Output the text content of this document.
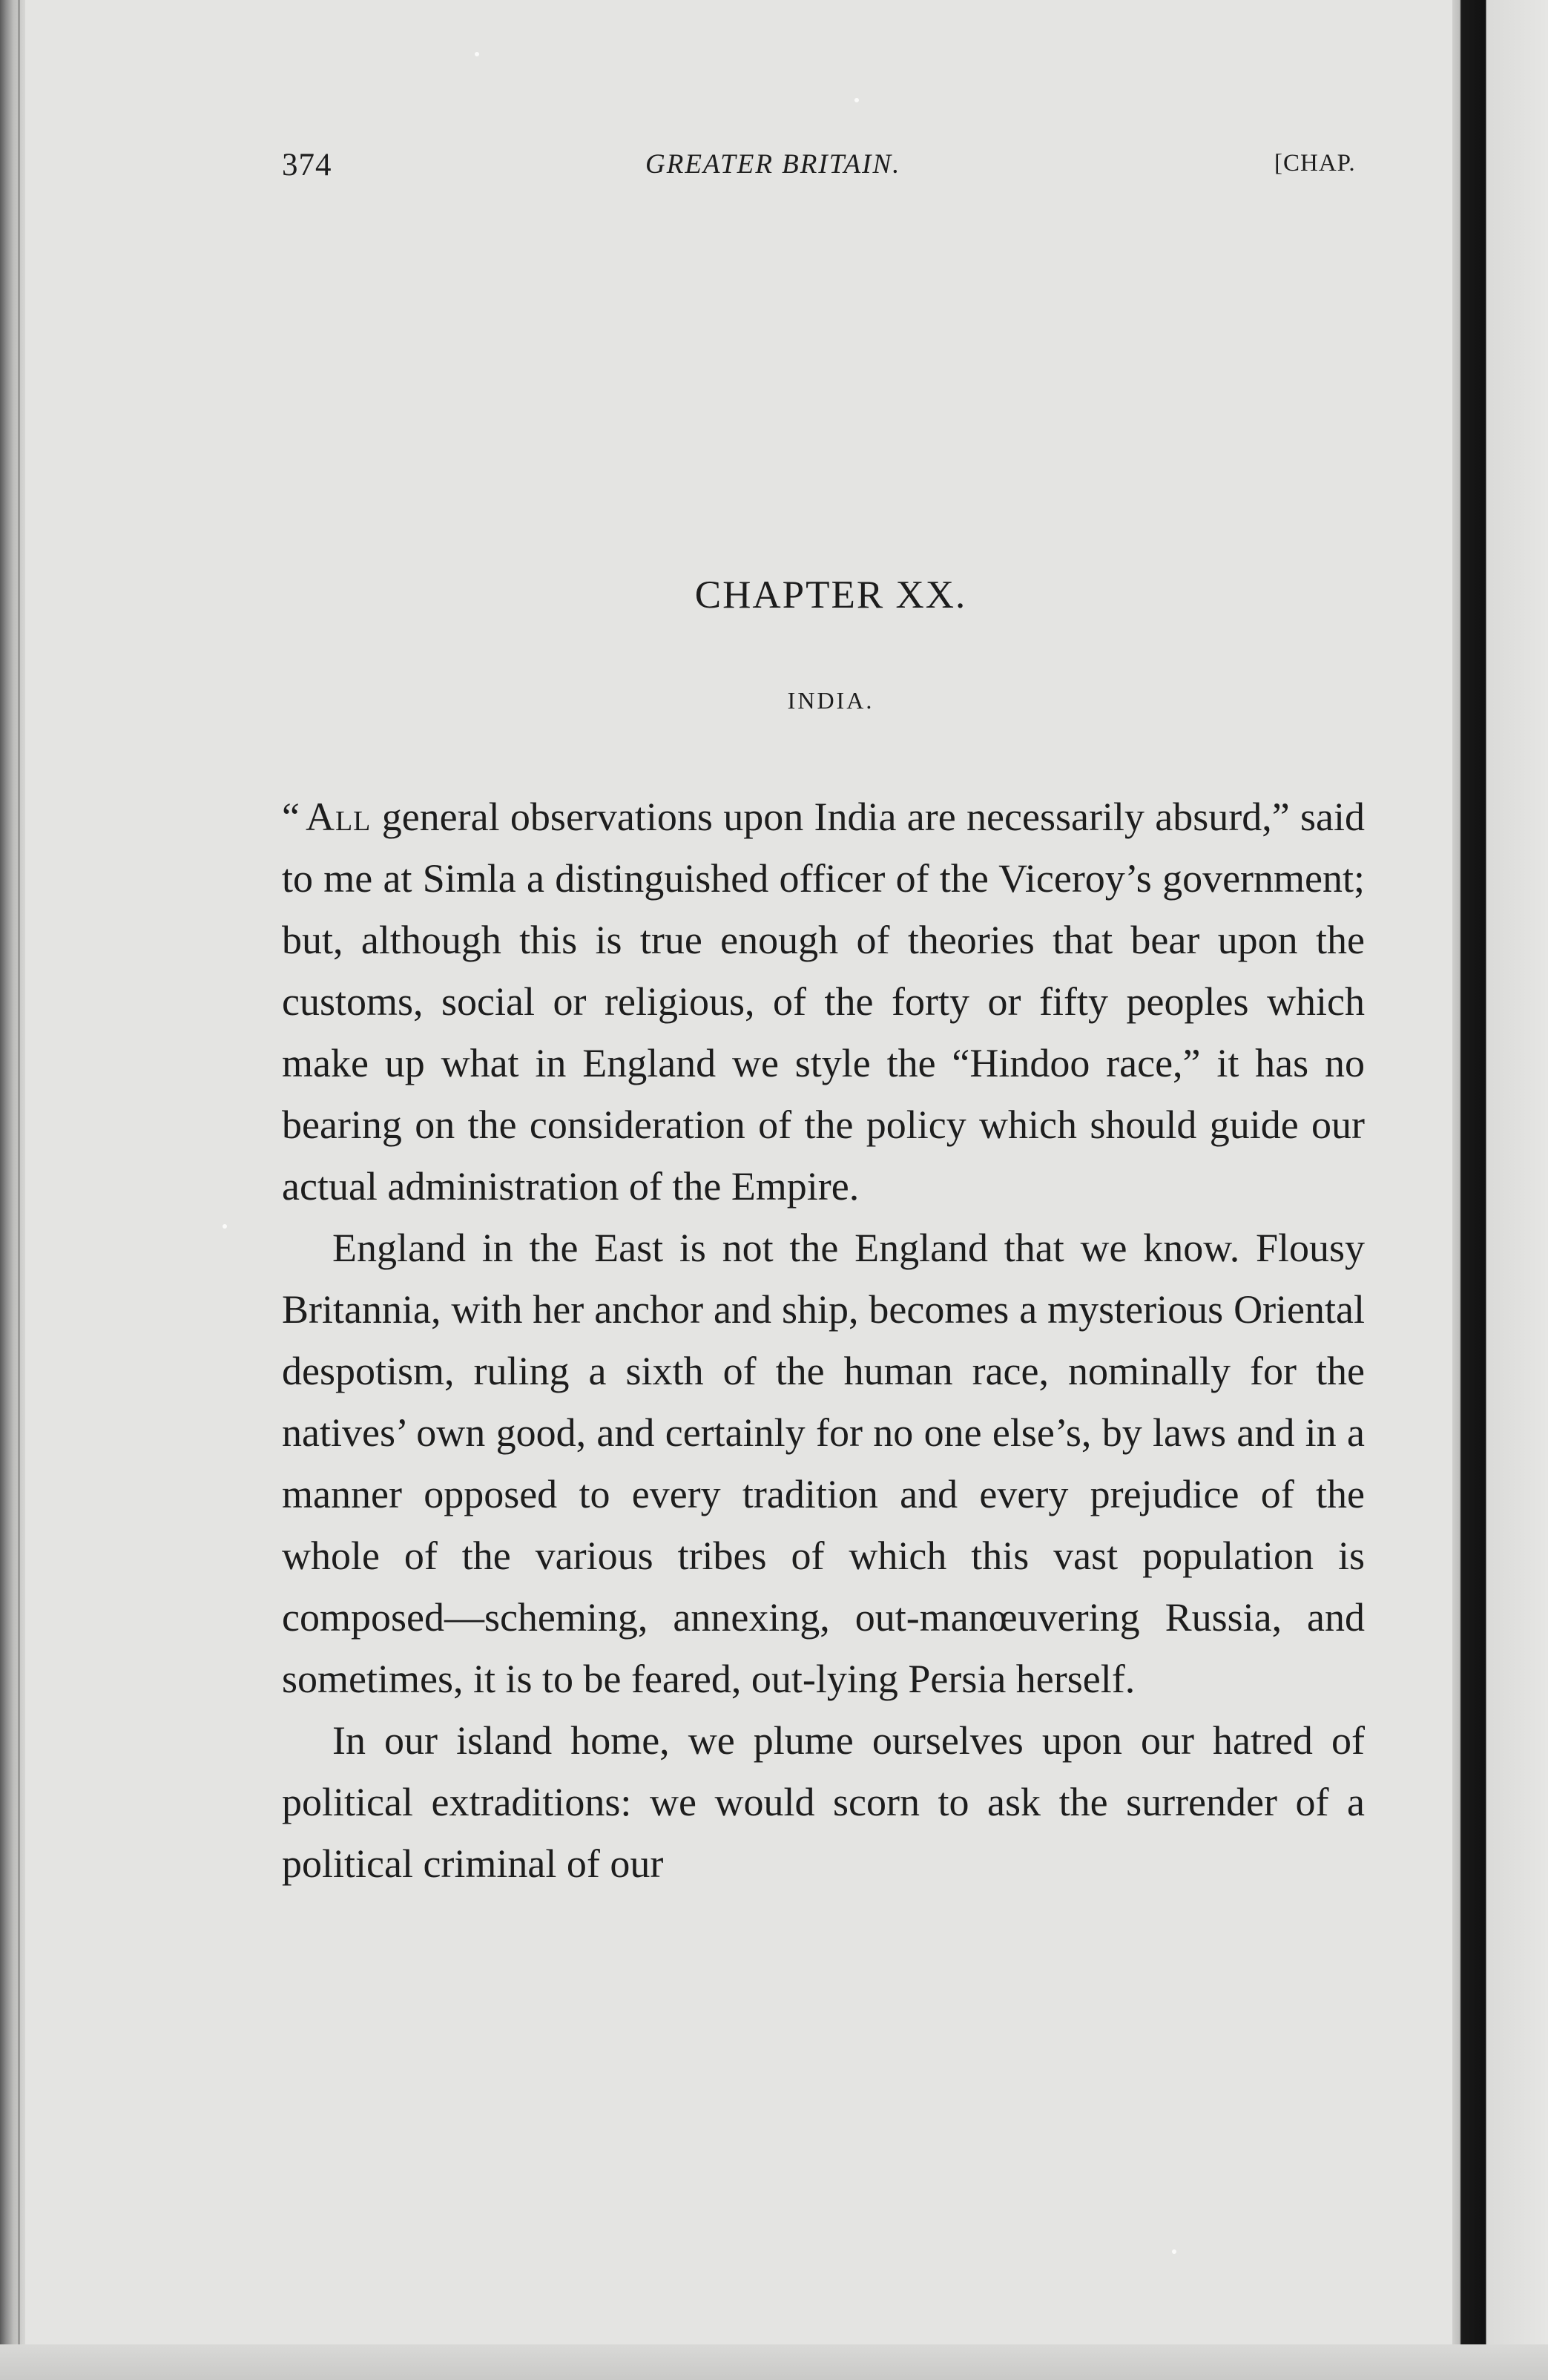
374	GREATER BRITAIN.	[CHAP.
CHAPTER XX.
INDIA.

“ All general observations upon India are necessarily absurd,” said to me at Simla a distinguished officer of the Viceroy’s government; but, although this is true enough of theories that bear upon the customs, social or religious, of the forty or fifty peoples which make up what in England we style the “Hindoo race,” it has no bearing on the consideration of the policy which should guide our actual administration of the Empire.

England in the East is not the England that we know. Flousy Britannia, with her anchor and ship, becomes a mysterious Oriental despotism, ruling a sixth of the human race, nominally for the natives’ own good, and certainly for no one else’s, by laws and in a manner opposed to every tradition and every prejudice of the whole of the various tribes of which this vast population is composed—scheming, annexing, out-manœuvering Russia, and sometimes, it is to be feared, out-lying Persia herself.

In our island home, we plume ourselves upon our hatred of political extraditions: we would scorn to ask the surrender of a political criminal of our
